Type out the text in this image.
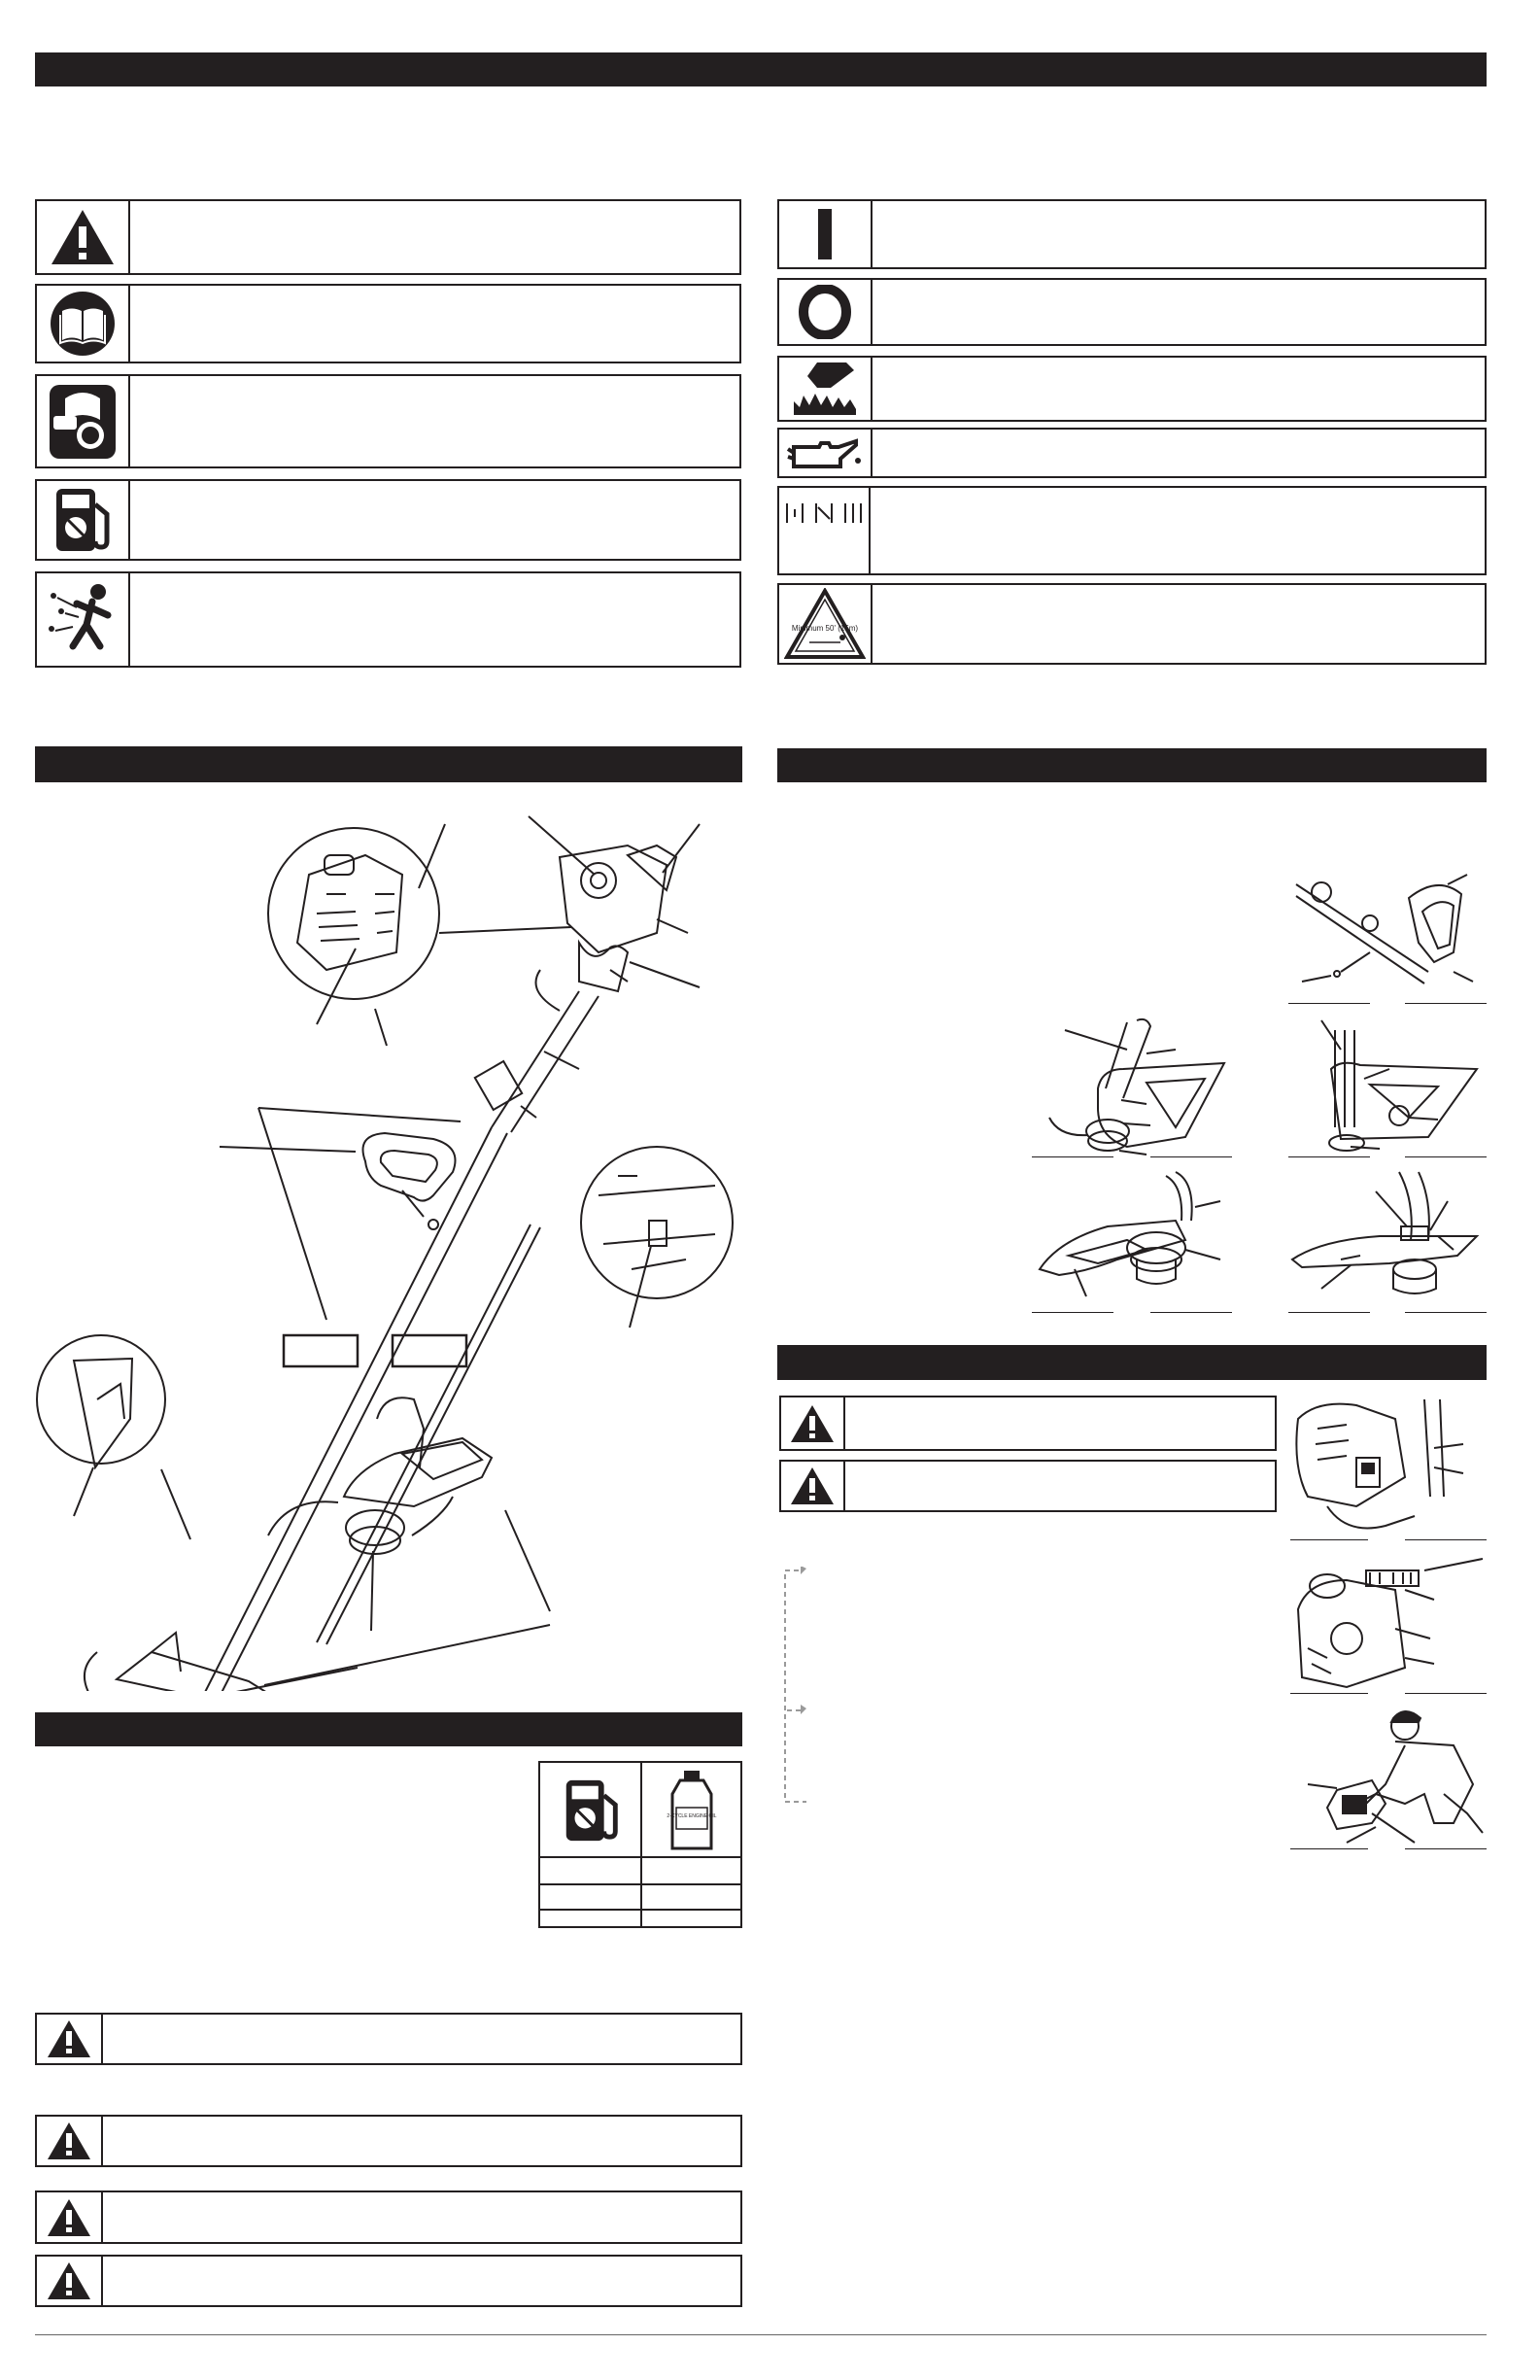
Minimum 50' (15m)
2-CYCLE ENGINE OIL
